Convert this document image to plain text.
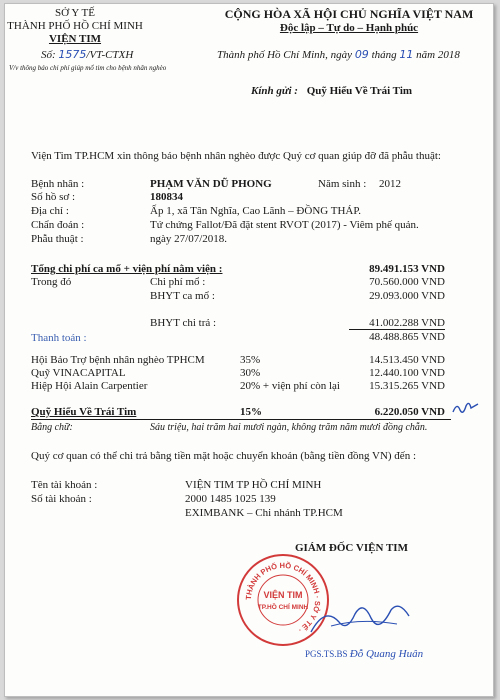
SỞ Y TẾ
THÀNH PHỐ HỒ CHÍ MINH
VIỆN TIM
Số: 1575/VT-CTXH
V/v thông báo chi phí giúp mổ tim cho bệnh nhân nghèo
CỘNG HÒA XÃ HỘI CHỦ NGHĨA VIỆT NAM
Độc lập – Tự do – Hạnh phúc
Thành phố Hồ Chí Minh, ngày 09 tháng 11 năm 2018
Kính gửi : Quỹ Hiểu Về Trái Tim
Viện Tim TP.HCM xin thông báo bệnh nhân nghèo được Quý cơ quan giúp đỡ đã phẫu thuật:
Bệnh nhân :	PHẠM VĂN DŨ PHONG	Năm sinh : 2012
Số hồ sơ :	180834
Địa chỉ :	Ấp 1, xã Tân Nghĩa, Cao Lãnh – ĐỒNG THÁP.
Chẩn đoán :	Tứ chứng Fallot/Đã đặt stent RVOT (2017) - Viêm phế quản.
Phẫu thuật :	ngày 27/07/2018.
Tổng chi phí ca mổ + viện phí nằm viện :	89.491.153 VND
Trong đó	Chi phí mổ :	70.560.000 VND
BHYT ca mổ :	29.093.000 VND
BHYT chi trả :	41.002.288 VND
Thanh toán :	48.488.865 VND
Hội Bảo Trợ bệnh nhân nghèo TPHCM	35%	14.513.450 VND
Quỹ VINACAPITAL	30%	12.440.100 VND
Hiệp Hội Alain Carpentier	20% + viện phí còn lại	15.315.265 VND
Quỹ Hiểu Về Trái Tim	15%	6.220.050 VND
Bằng chữ:	Sáu triệu, hai trăm hai mươi ngàn, không trăm năm mươi đồng chẵn.
Quý cơ quan có thể chi trả bằng tiền mặt hoặc chuyển khoản (bằng tiền đồng VN) đến :
Tên tài khoản :	VIỆN TIM TP HỒ CHÍ MINH
Số tài khoản :	2000 1485 1025 139
EXIMBANK – Chi nhánh TP.HCM
GIÁM ĐỐC VIỆN TIM
THÀNH PHỐ HỒ CHÍ MINH · SỞ Y TẾ ·
VIỆN TIM
TP.HỒ CHÍ MINH
PGS.TS.BS Đỗ Quang Huân
